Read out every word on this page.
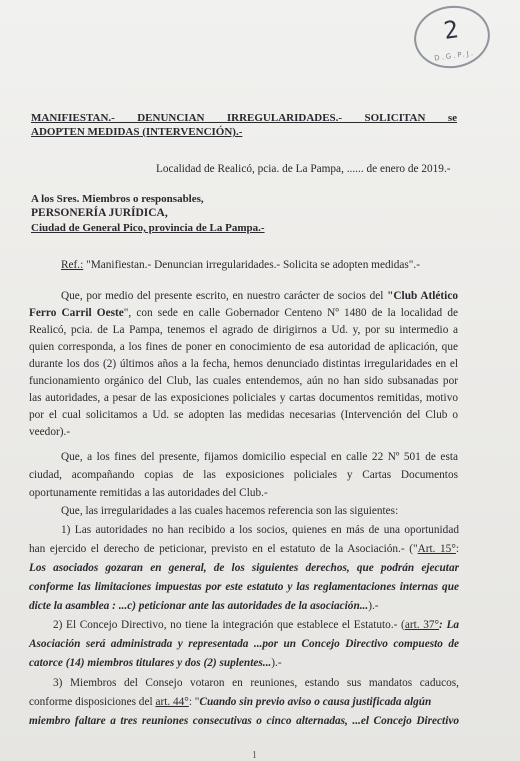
2
D.G.P.J.
MANIFIESTAN.- DENUNCIAN IRREGULARIDADES.- SOLICITAN se
ADOPTEN MEDIDAS (INTERVENCIÓN).-
Localidad de Realicó, pcia. de La Pampa, ...... de enero de 2019.-
A los Sres. Miembros o responsables,
PERSONERÍA JURÍDICA,
Ciudad de General Pico, provincia de La Pampa.-
Ref.: "Manifiestan.- Denuncian irregularidades.- Solicita se adopten medidas".-
Que, por medio del presente escrito, en nuestro carácter de socios del "Club Atlético
Ferro Carril Oeste", con sede en calle Gobernador Centeno Nº 1480 de la localidad de
Realicó, pcia. de La Pampa, tenemos el agrado de dirigirnos a Ud. y, por su intermedio a
quien corresponda, a los fines de poner en conocimiento de esa autoridad de aplicación, que
durante los dos (2) últimos años a la fecha, hemos denunciado distintas irregularidades en el
funcionamiento orgánico del Club, las cuales entendemos, aún no han sido subsanadas por
las autoridades, a pesar de las exposiciones policiales y cartas documentos remitidas, motivo
por el cual solicitamos a Ud. se adopten las medidas necesarias (Intervención del Club o
veedor).-
Que, a los fines del presente, fijamos domicilio especial en calle 22 Nº 501 de esta
ciudad, acompañando copias de las exposiciones policiales y Cartas Documentos
oportunamente remitidas a las autoridades del Club.-
Que, las irregularidades a las cuales hacemos referencia son las siguientes:
1) Las autoridades no han recibido a los socios, quienes en más de una oportunidad
han ejercido el derecho de peticionar, previsto en el estatuto de la Asociación.- ("Art. 15°:
Los asociados gozaran en general, de los siguientes derechos, que podrán ejecutar
conforme las limitaciones impuestas por este estatuto y las reglamentaciones internas que
dicte la asamblea : ...c) peticionar ante las autoridades de la asociación...).-
2) El Concejo Directivo, no tiene la integración que establece el Estatuto.- (art. 37°: La
Asociación será administrada y representada ...por un Concejo Directivo compuesto de
catorce (14) miembros titulares y dos (2) suplentes...).-
3) Miembros del Consejo votaron en reuniones, estando sus mandatos caducos,
conforme disposiciones del art. 44°: "Cuando sin previo aviso o causa justificada algún
miembro faltare a tres reuniones consecutivas o cinco alternadas, ...el Concejo Directivo
1
